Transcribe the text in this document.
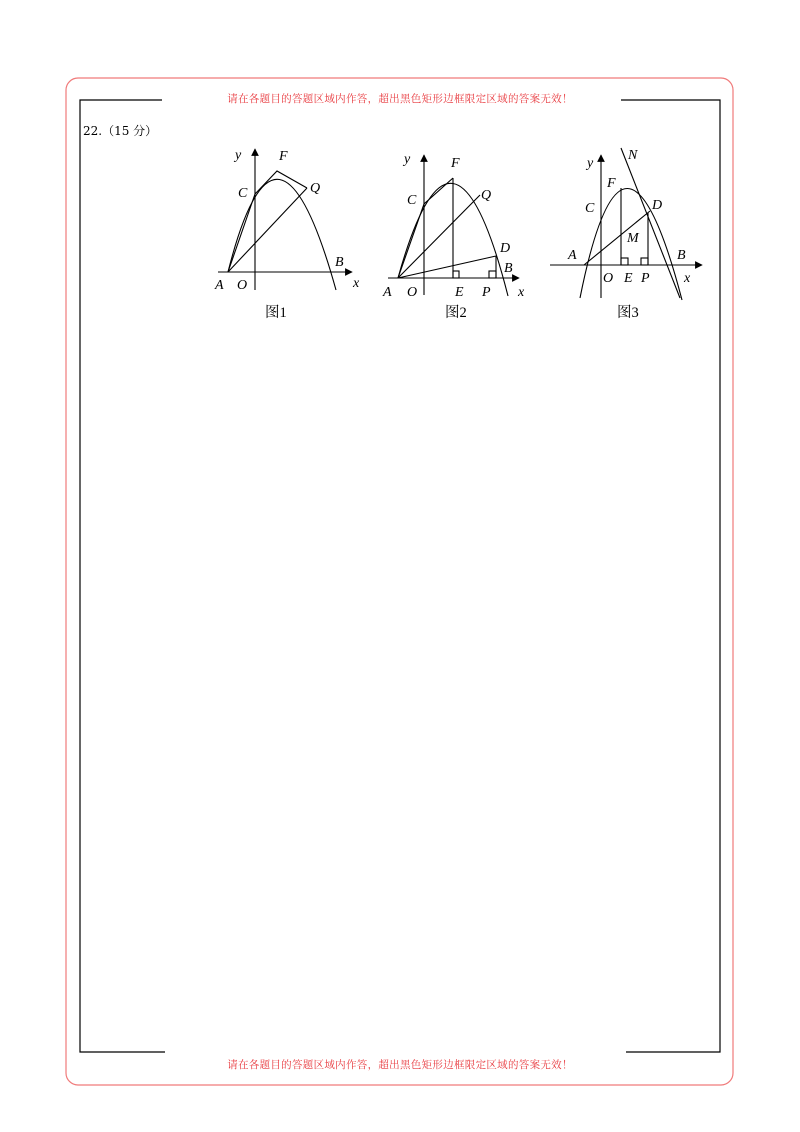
y	F
C	Q
B
A O	x
图1
y	F
C	Q
D
B
A O	E P x
图2
N
y
F
C	D
M
A	B
O E P x
图3
请在各题目的答题区域内作答，超出黑色矩形边框限定区域的答案无效！
22.（15 分）
请在各题目的答题区域内作答，超出黑色矩形边框限定区域的答案无效！
